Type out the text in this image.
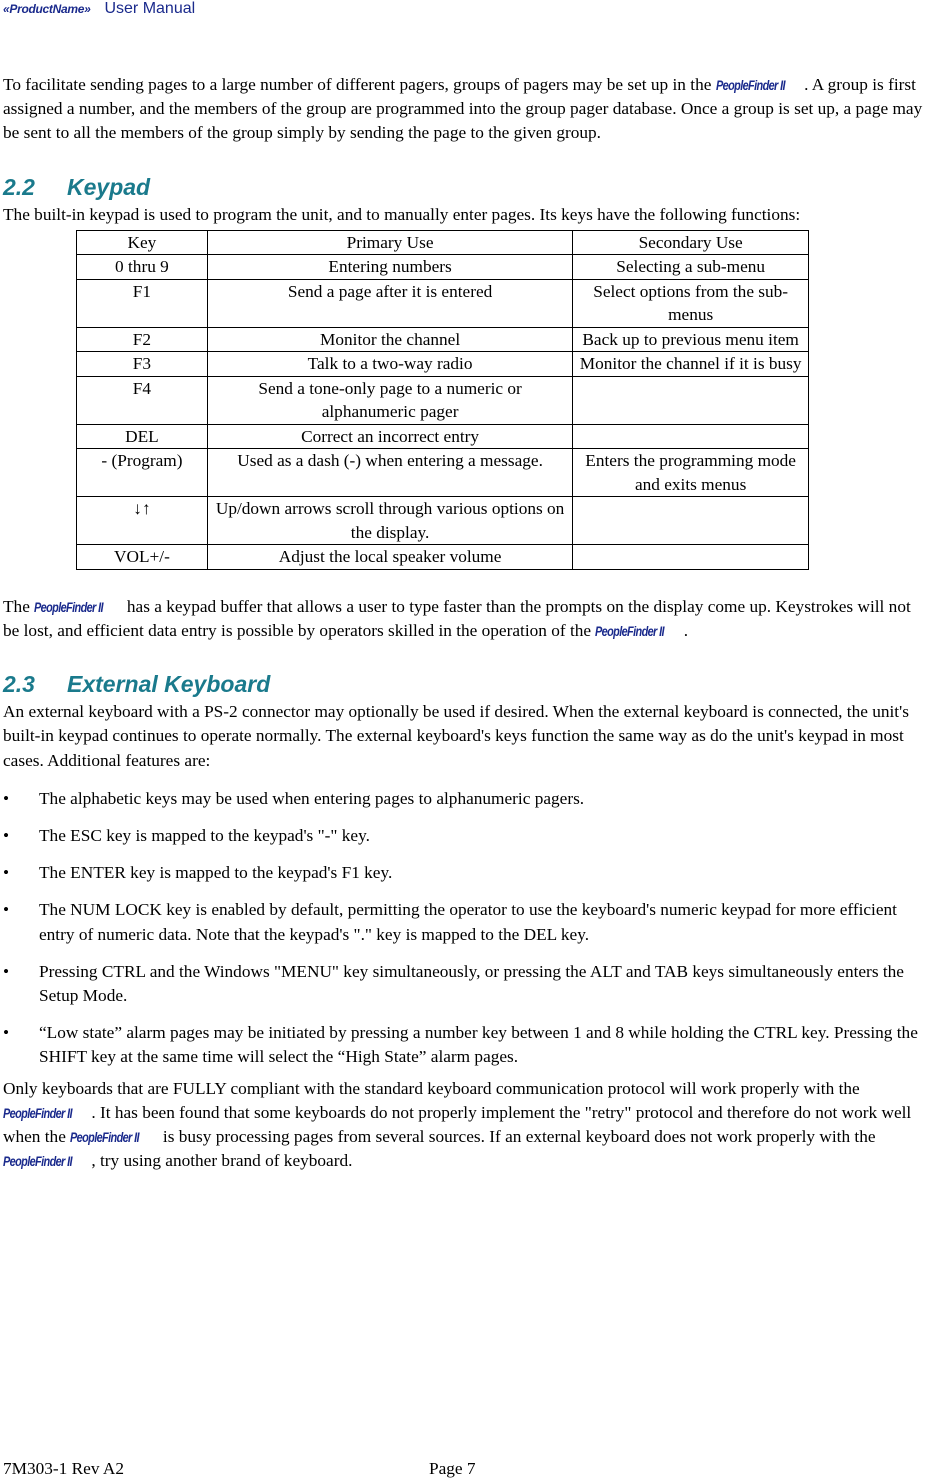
«ProductName» User Manual

To facilitate sending pages to a large number of different pagers, groups of pagers may be set up in the PeopleFinder II . A group is first assigned a number, and the members of the group are programmed into the group pager database. Once a group is set up, a page may be sent to all the members of the group simply by sending the page to the given group.

2.2 Keypad

The built-in keypad is used to program the unit, and to manually enter pages. Its keys have the following functions:

Key	Primary Use	Secondary Use
0 thru 9	Entering numbers	Selecting a sub-menu
F1	Send a page after it is entered	Select options from the sub-menus
F2	Monitor the channel	Back up to previous menu item
F3	Talk to a two-way radio	Monitor the channel if it is busy
F4	Send a tone-only page to a numeric or alphanumeric pager	
DEL	Correct an incorrect entry	
- (Program)	Used as a dash (-) when entering a message.	Enters the programming mode and exits menus
↓↑	Up/down arrows scroll through various options on the display.	
VOL+/-	Adjust the local speaker volume	

The PeopleFinder II has a keypad buffer that allows a user to type faster than the prompts on the display come up. Keystrokes will not be lost, and efficient data entry is possible by operators skilled in the operation of the PeopleFinder II .

2.3 External Keyboard

An external keyboard with a PS-2 connector may optionally be used if desired. When the external keyboard is connected, the unit's built-in keypad continues to operate normally. The external keyboard's keys function the same way as do the unit's keypad in most cases. Additional features are:

• The alphabetic keys may be used when entering pages to alphanumeric pagers.
• The ESC key is mapped to the keypad's "-" key.
• The ENTER key is mapped to the keypad's F1 key.
• The NUM LOCK key is enabled by default, permitting the operator to use the keyboard's numeric keypad for more efficient entry of numeric data. Note that the keypad's "." key is mapped to the DEL key.
• Pressing CTRL and the Windows "MENU" key simultaneously, or pressing the ALT and TAB keys simultaneously enters the Setup Mode.
• “Low state” alarm pages may be initiated by pressing a number key between 1 and 8 while holding the CTRL key. Pressing the SHIFT key at the same time will select the “High State” alarm pages.

Only keyboards that are FULLY compliant with the standard keyboard communication protocol will work properly with the PeopleFinder II . It has been found that some keyboards do not properly implement the "retry" protocol and therefore do not work well when the PeopleFinder II is busy processing pages from several sources. If an external keyboard does not work properly with the PeopleFinder II , try using another brand of keyboard.

7M303-1 Rev A2	Page 7
